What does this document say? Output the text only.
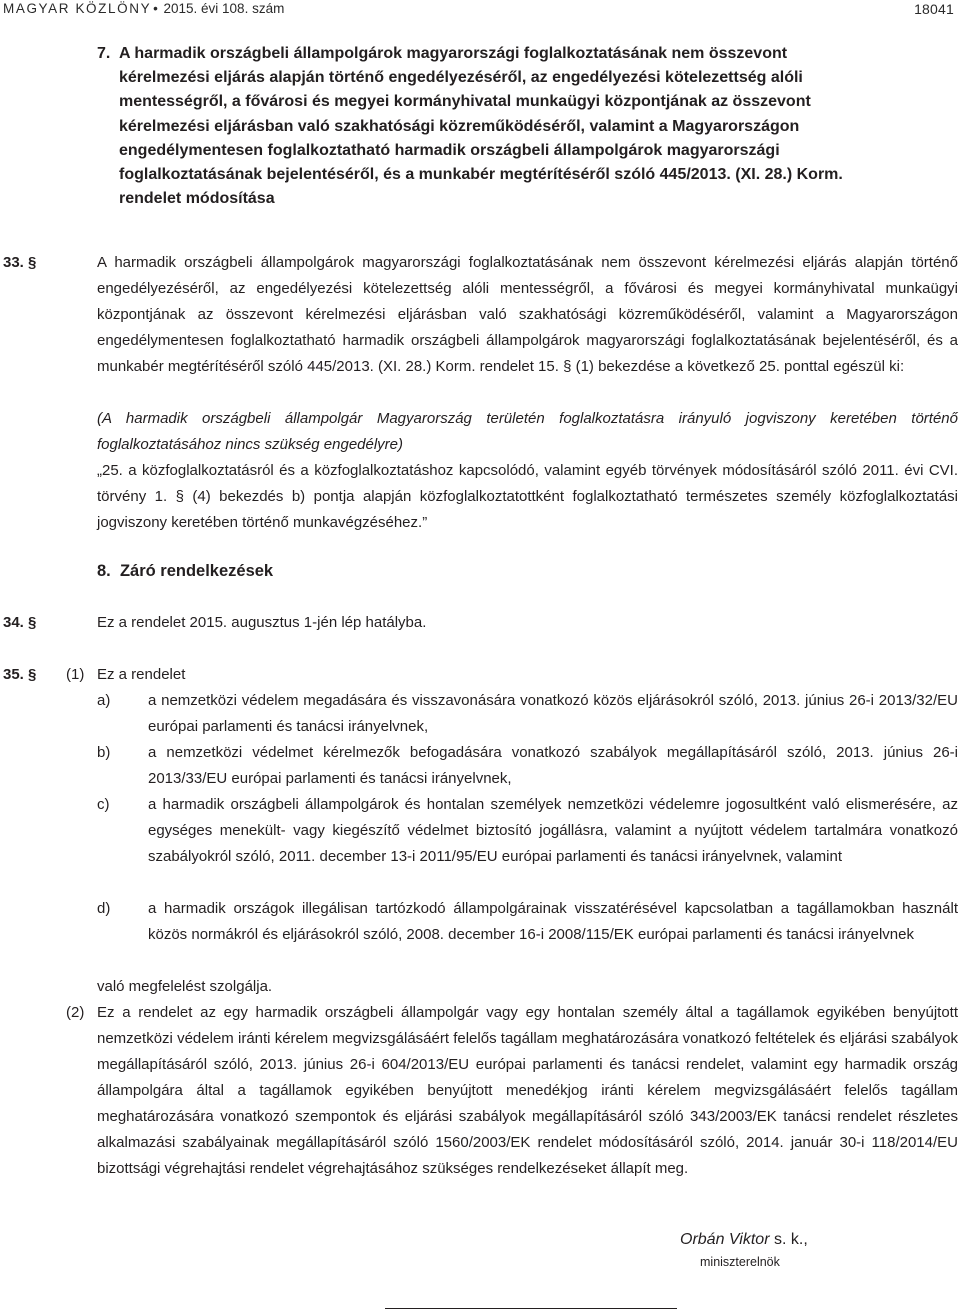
MAGYAR KÖZLÖNY • 2015. évi 108. szám	18041
7. A harmadik országbeli állampolgárok magyarországi foglalkoztatásának nem összevont kérelmezési eljárás alapján történő engedélyezéséről, az engedélyezési kötelezettség alóli mentességről, a fővárosi és megyei kormányhivatal munkaügyi központjának az összevont kérelmezési eljárásban való szakhatósági közreműködéséről, valamint a Magyarországon engedélymentesen foglalkoztatható harmadik országbeli állampolgárok magyarországi foglalkoztatásának bejelentéséről, és a munkabér megtérítéséről szóló 445/2013. (XI. 28.) Korm. rendelet módosítása
33. §	A harmadik országbeli állampolgárok magyarországi foglalkoztatásának nem összevont kérelmezési eljárás alapján történő engedélyezéséről, az engedélyezési kötelezettség alóli mentességről, a fővárosi és megyei kormányhivatal munkaügyi központjának az összevont kérelmezési eljárásban való szakhatósági közreműködéséről, valamint a Magyarországon engedélymentesen foglalkoztatható harmadik országbeli állampolgárok magyarországi foglalkoztatásának bejelentéséről, és a munkabér megtérítéséről szóló 445/2013. (XI. 28.) Korm. rendelet 15. § (1) bekezdése a következő 25. ponttal egészül ki:
(A harmadik országbeli állampolgár Magyarország területén foglalkoztatásra irányuló jogviszony keretében történő foglalkoztatásához nincs szükség engedélyre)
„25. a közfoglalkoztatásról és a közfoglalkoztatáshoz kapcsolódó, valamint egyéb törvények módosításáról szóló 2011. évi CVI. törvény 1. § (4) bekezdés b) pontja alapján közfoglalkoztatottként foglalkoztatható természetes személy közfoglalkoztatási jogviszony keretében történő munkavégzéséhez.”
8. Záró rendelkezések
34. §	Ez a rendelet 2015. augusztus 1-jén lép hatályba.
35. § (1) Ez a rendelet
a)	a nemzetközi védelem megadására és visszavonására vonatkozó közös eljárásokról szóló, 2013. június 26-i 2013/32/EU európai parlamenti és tanácsi irányelvnek,
b)	a nemzetközi védelmet kérelmezők befogadására vonatkozó szabályok megállapításáról szóló, 2013. június 26-i 2013/33/EU európai parlamenti és tanácsi irányelvnek,
c)	a harmadik országbeli állampolgárok és hontalan személyek nemzetközi védelemre jogosultként való elismerésére, az egységes menekült- vagy kiegészítő védelmet biztosító jogállásra, valamint a nyújtott védelem tartalmára vonatkozó szabályokról szóló, 2011. december 13-i 2011/95/EU európai parlamenti és tanácsi irányelvnek, valamint
d)	a harmadik országok illegálisan tartózkodó állampolgárainak visszatérésével kapcsolatban a tagállamokban használt közös normákról és eljárásokról szóló, 2008. december 16-i 2008/115/EK európai parlamenti és tanácsi irányelvnek
való megfelelést szolgálja.
(2) Ez a rendelet az egy harmadik országbeli állampolgár vagy egy hontalan személy által a tagállamok egyikében benyújtott nemzetközi védelem iránti kérelem megvizsgálásáért felelős tagállam meghatározására vonatkozó feltételek és eljárási szabályok megállapításáról szóló, 2013. június 26-i 604/2013/EU európai parlamenti és tanácsi rendelet, valamint egy harmadik ország állampolgára által a tagállamok egyikében benyújtott menedékjog iránti kérelem megvizsgálásáért felelős tagállam meghatározására vonatkozó szempontok és eljárási szabályok megállapításáról szóló 343/2003/EK tanácsi rendelet részletes alkalmazási szabályainak megállapításáról szóló 1560/2003/EK rendelet módosításáról szóló, 2014. január 30-i 118/2014/EU bizottsági végrehajtási rendelet végrehajtásához szükséges rendelkezéseket állapít meg.
Orbán Viktor s. k.,
miniszterelnök
